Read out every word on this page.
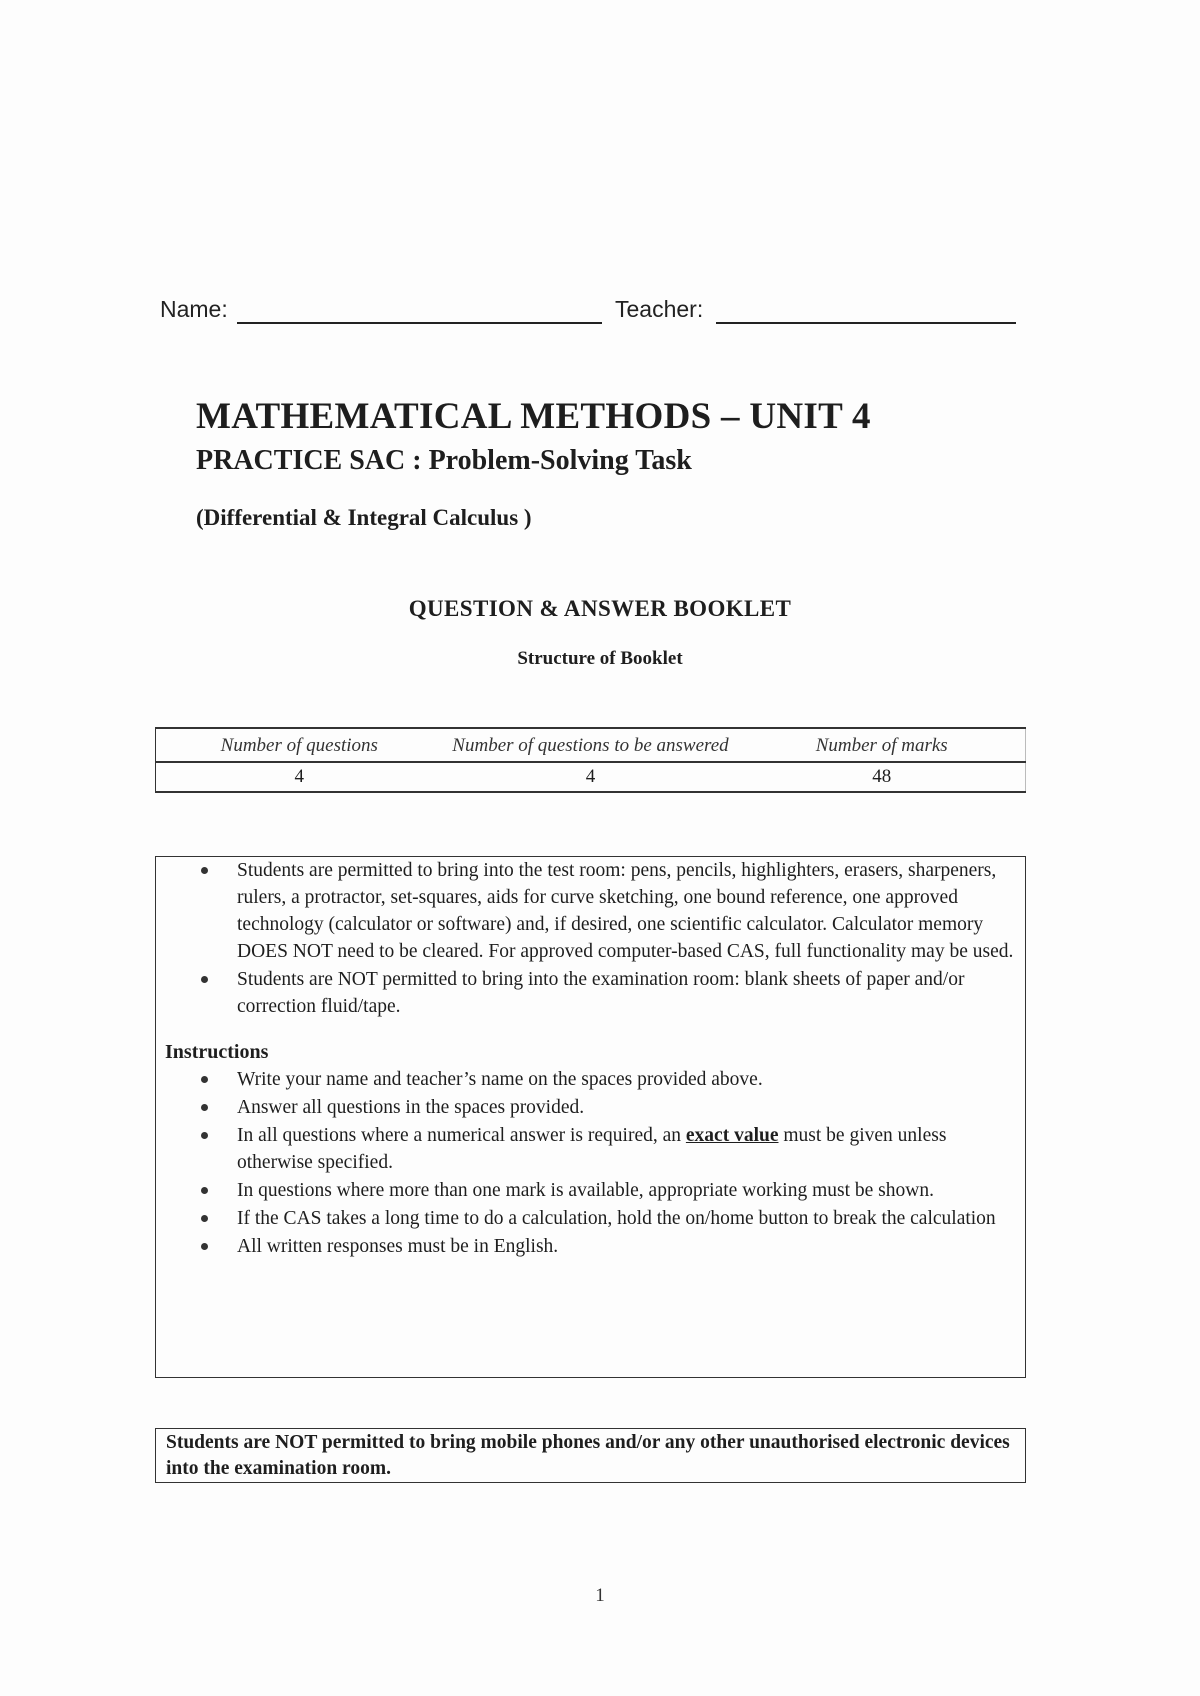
Name:	Teacher:
MATHEMATICAL METHODS – UNIT 4
PRACTICE SAC : Problem-Solving Task
(Differential & Integral Calculus )
QUESTION & ANSWER BOOKLET
Structure of Booklet
Number of questions	Number of questions to be answered	Number of marks
4	4	48
Students are permitted to bring into the test room: pens, pencils, highlighters, erasers, sharpeners, rulers, a protractor, set-squares, aids for curve sketching, one bound reference, one approved technology (calculator or software) and, if desired, one scientific calculator. Calculator memory DOES NOT need to be cleared. For approved computer-based CAS, full functionality may be used.
Students are NOT permitted to bring into the examination room: blank sheets of paper and/or correction fluid/tape.
Instructions
Write your name and teacher’s name on the spaces provided above.
Answer all questions in the spaces provided.
In all questions where a numerical answer is required, an exact value must be given unless otherwise specified.
In questions where more than one mark is available, appropriate working must be shown.
If the CAS takes a long time to do a calculation, hold the on/home button to break the calculation
All written responses must be in English.
Students are NOT permitted to bring mobile phones and/or any other unauthorised electronic devices into the examination room.
1
